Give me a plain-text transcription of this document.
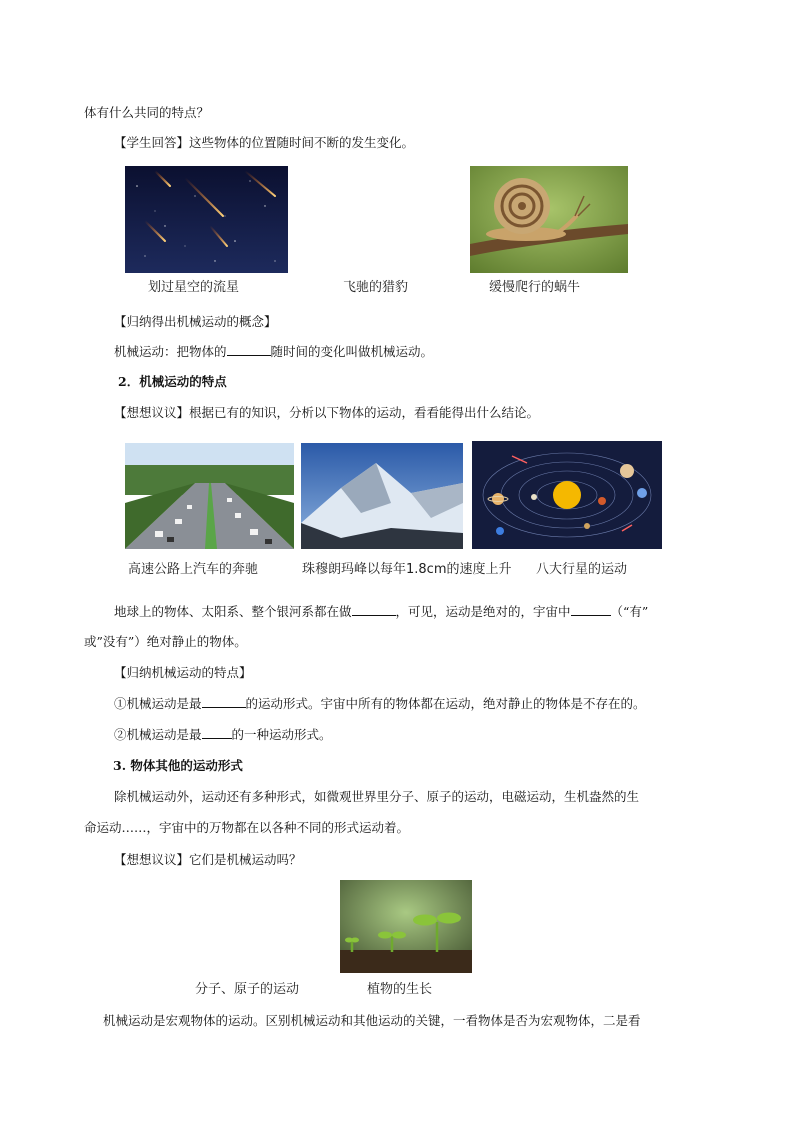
体有什么共同的特点？
【学生回答】这些物体的位置随时间不断的发生变化。
划过星空的流星	飞驰的猎豹	缓慢爬行的蜗牛
【归纳得出机械运动的概念】
机械运动：把物体的	随时间的变化叫做机械运动。
2．机械运动的特点
【想想议议】根据已有的知识，分析以下物体的运动，看看能得出什么结论。
高速公路上汽车的奔驰	珠穆朗玛峰以每年1.8cm的速度上升 八大行星的运动
地球上的物体、太阳系、整个银河系都在做	，可见，运动是绝对的，宇宙中	（“有”
或”没有”）绝对静止的物体。
【归纳机械运动的特点】
①机械运动是最	的运动形式。宇宙中所有的物体都在运动，绝对静止的物体是不存在的。
②机械运动是最 的一种运动形式。
3. 物体其他的运动形式
除机械运动外，运动还有多种形式，如微观世界里分子、原子的运动，电磁运动，生机盎然的生
命运动……，宇宙中的万物都在以各种不同的形式运动着。
【想想议议】它们是机械运动吗？
分子、原子的运动	植物的生长
机械运动是宏观物体的运动。区别机械运动和其他运动的关键，一看物体是否为宏观物体，二是看
